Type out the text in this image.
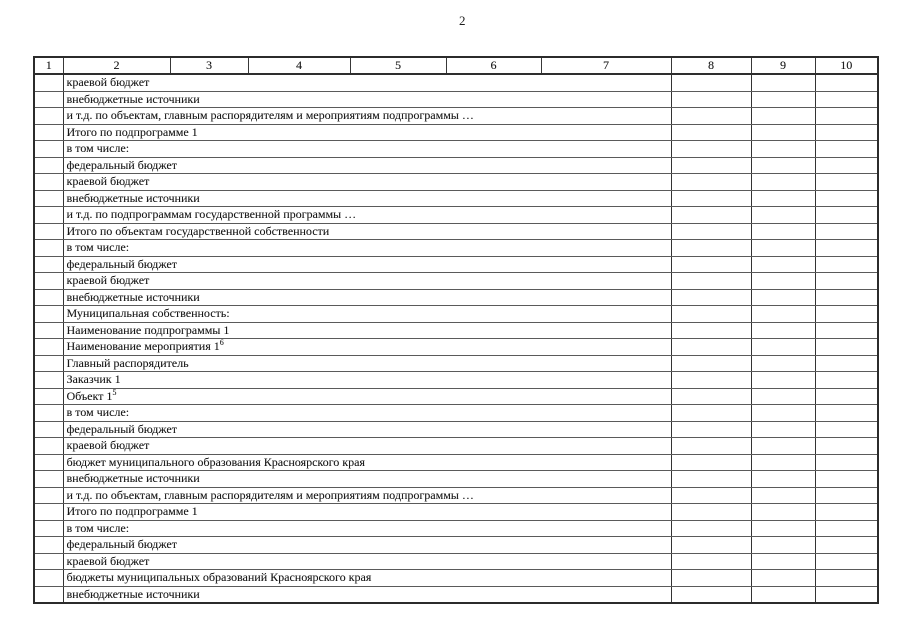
2
1	2	3	4	5	6	7	8	9	10
	краевой бюджет								
	внебюджетные источники								
	и т.д. по объектам, главным распорядителям и мероприятиям подпрограммы …								
	Итого по подпрограмме 1								
	в том числе:								
	федеральный бюджет								
	краевой бюджет								
	внебюджетные источники								
	и т.д. по подпрограммам государственной программы …								
	Итого по объектам государственной собственности								
	в том числе:								
	федеральный бюджет								
	краевой бюджет								
	внебюджетные источники								
	Муниципальная собственность:								
	Наименование подпрограммы 1								
	Наименование мероприятия $1^6$			
	Главный распорядитель								
	Заказчик 1								
	Объект $1^5$			
	в том числе:								
	федеральный бюджет								
	краевой бюджет								
	бюджет муниципального образования Красноярского края								
	внебюджетные источники								
	и т.д. по объектам, главным распорядителям и мероприятиям подпрограммы …								
	Итого по подпрограмме 1								
	в том числе:								
	федеральный бюджет								
	краевой бюджет								
	бюджеты муниципальных образований Красноярского края								
	внебюджетные источники								
